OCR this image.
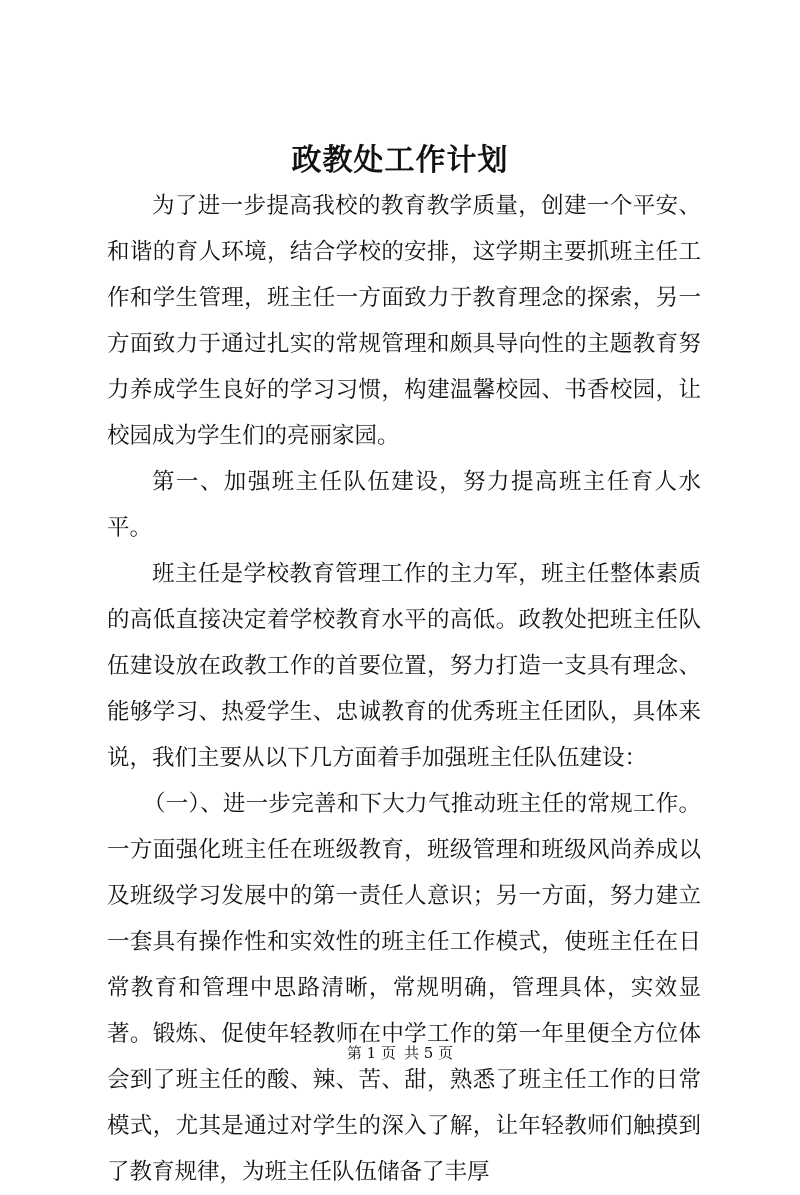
政教处工作计划

为了进一步提高我校的教育教学质量，创建一个平安、和谐的育人环境，结合学校的安排，这学期主要抓班主任工作和学生管理，班主任一方面致力于教育理念的探索，另一方面致力于通过扎实的常规管理和颇具导向性的主题教育努力养成学生良好的学习习惯，构建温馨校园、书香校园，让校园成为学生们的亮丽家园。

第一、加强班主任队伍建设，努力提高班主任育人水平。

班主任是学校教育管理工作的主力军，班主任整体素质的高低直接决定着学校教育水平的高低。政教处把班主任队伍建设放在政教工作的首要位置，努力打造一支具有理念、能够学习、热爱学生、忠诚教育的优秀班主任团队，具体来说，我们主要从以下几方面着手加强班主任队伍建设：

（一）、进一步完善和下大力气推动班主任的常规工作。一方面强化班主任在班级教育，班级管理和班级风尚养成以及班级学习发展中的第一责任人意识；另一方面，努力建立一套具有操作性和实效性的班主任工作模式，使班主任在日常教育和管理中思路清晰，常规明确，管理具体，实效显著。锻炼、促使年轻教师在中学工作的第一年里便全方位体会到了班主任的酸、辣、苦、甜，熟悉了班主任工作的日常模式，尤其是通过对学生的深入了解，让年轻教师们触摸到了教育规律，为班主任队伍储备了丰厚

第 1 页 共 5 页
